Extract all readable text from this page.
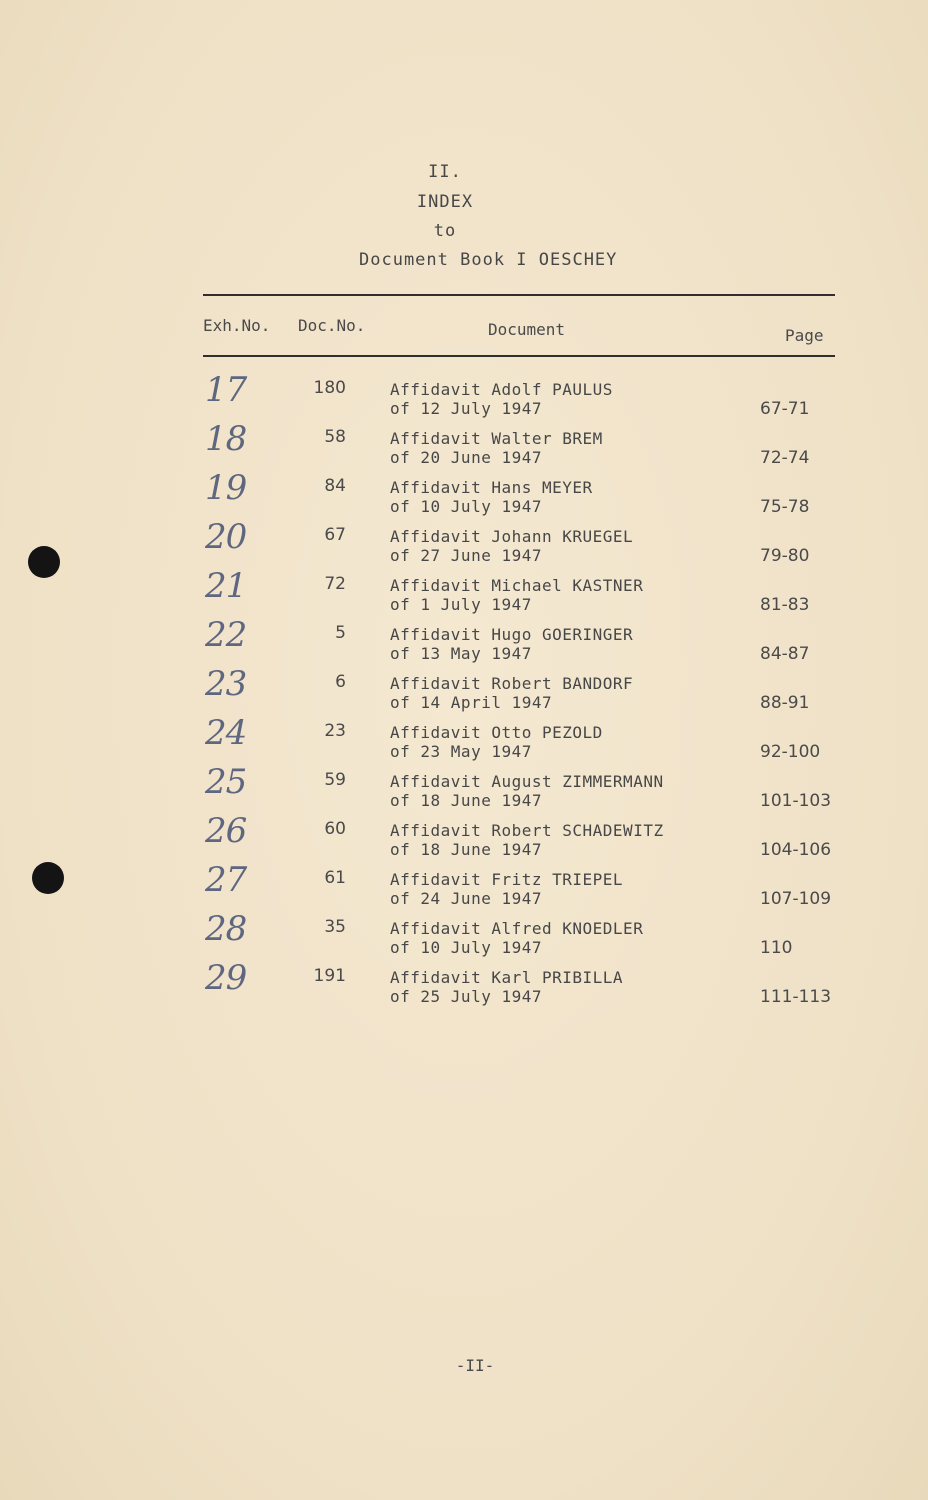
II.
INDEX
to
Document Book I OESCHEY
Exh.No. Doc.No.	Document	Page
17	180	Affidavit Adolf PAULUS
of 12 July 1947	67-71
18	58	Affidavit Walter BREM
of 20 June 1947	72-74
19	84	Affidavit Hans MEYER
of 10 July 1947	75-78
20	67	Affidavit Johann KRUEGEL
of 27 June 1947	79-80
21	72	Affidavit Michael KASTNER
of 1 July 1947	81-83
22	5	Affidavit Hugo GOERINGER
of 13 May 1947	84-87
23	6	Affidavit Robert BANDORF
of 14 April 1947	88-91
24	23	Affidavit Otto PEZOLD
of 23 May 1947	92-100
25	59	Affidavit August ZIMMERMANN
of 18 June 1947	101-103
26	60	Affidavit Robert SCHADEWITZ
of 18 June 1947	104-106
27	61	Affidavit Fritz TRIEPEL
of 24 June 1947	107-109
28	35	Affidavit Alfred KNOEDLER
of 10 July 1947	110
29	191	Affidavit Karl PRIBILLA
of 25 July 1947	111-113
-II-
